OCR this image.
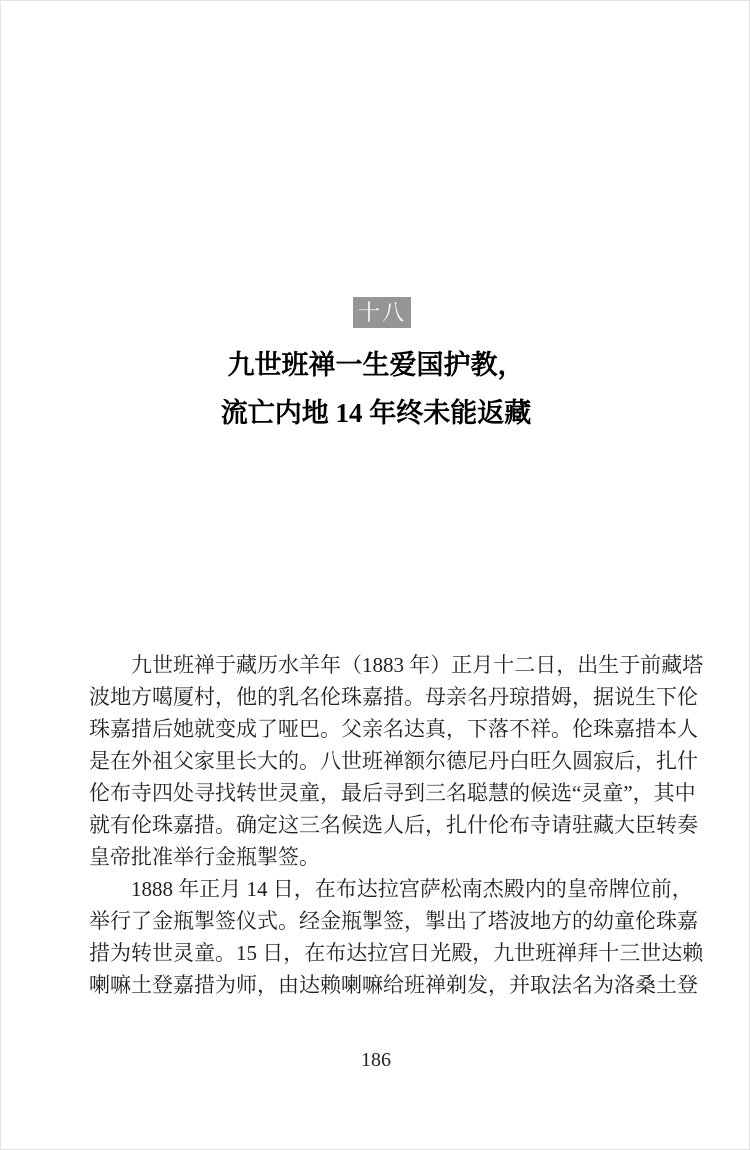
十八
九世班禅一生爱国护教，
流亡内地 14 年终未能返藏
九世班禅于藏历水羊年（1883 年）正月十二日，出生于前藏塔
波地方噶厦村，他的乳名伦珠嘉措。母亲名丹琼措姆，据说生下伦
珠嘉措后她就变成了哑巴。父亲名达真，下落不祥。伦珠嘉措本人
是在外祖父家里长大的。八世班禅额尔德尼丹白旺久圆寂后，扎什
伦布寺四处寻找转世灵童，最后寻到三名聪慧的候选“灵童”，其中
就有伦珠嘉措。确定这三名候选人后，扎什伦布寺请驻藏大臣转奏
皇帝批准举行金瓶掣签。
1888 年正月 14 日，在布达拉宫萨松南杰殿内的皇帝牌位前，
举行了金瓶掣签仪式。经金瓶掣签，掣出了塔波地方的幼童伦珠嘉
措为转世灵童。15 日，在布达拉宫日光殿，九世班禅拜十三世达赖
喇嘛土登嘉措为师，由达赖喇嘛给班禅剃发，并取法名为洛桑土登
186
